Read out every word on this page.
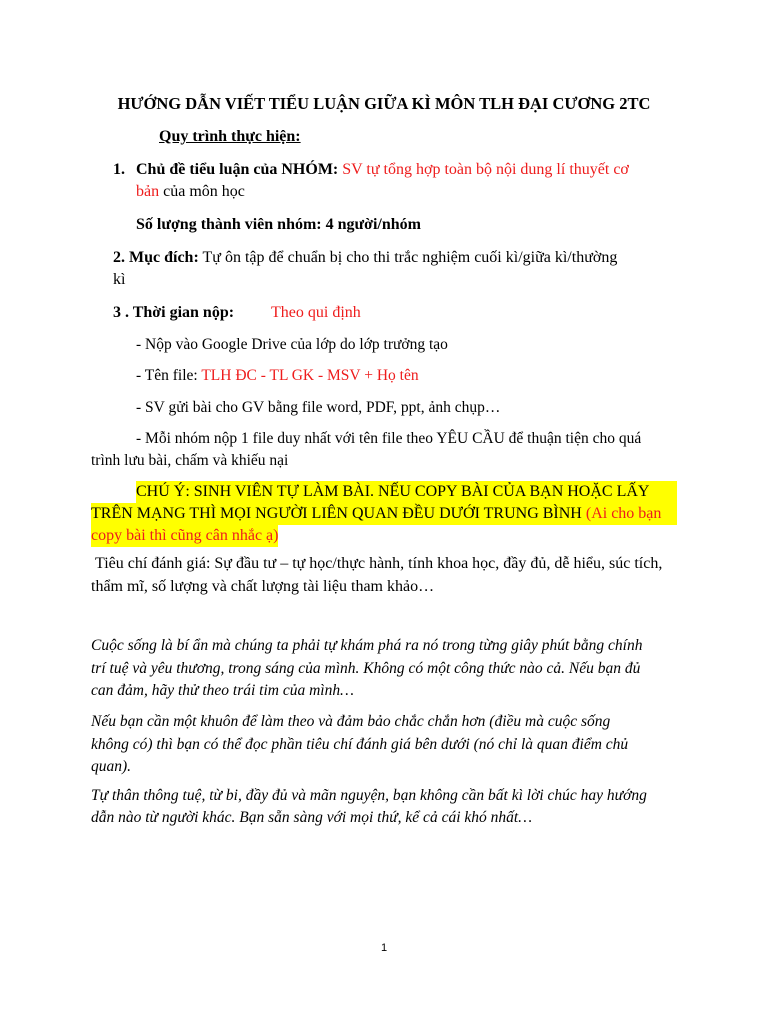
HƯỚNG DẪN VIẾT TIỂU LUẬN GIỮA KÌ MÔN TLH ĐẠI CƯƠNG 2TC
Quy trình thực hiện:
1. Chủ đề tiểu luận của NHÓM: SV tự tổng hợp toàn bộ nội dung lí thuyết cơ
bản của môn học
Số lượng thành viên nhóm: 4 người/nhóm
2. Mục đích: Tự ôn tập để chuẩn bị cho thi trắc nghiệm cuối kì/giữa kì/thường
kì
3 . Thời gian nộp: Theo qui định
- Nộp vào Google Drive của lớp do lớp trưởng tạo
- Tên file: TLH ĐC - TL GK - MSV + Họ tên
- SV gửi bài cho GV bằng file word, PDF, ppt, ảnh chụp…
- Mỗi nhóm nộp 1 file duy nhất với tên file theo YÊU CẦU để thuận tiện cho quá
trình lưu bài, chấm và khiếu nại
CHÚ Ý: SINH VIÊN TỰ LÀM BÀI. NẾU COPY BÀI CỦA BẠN HOẶC LẤY
TRÊN MẠNG THÌ MỌI NGƯỜI LIÊN QUAN ĐỀU DƯỚI TRUNG BÌNH (Ai cho bạn
copy bài thì cũng cân nhắc ạ)
Tiêu chí đánh giá: Sự đầu tư – tự học/thực hành, tính khoa học, đầy đủ, dễ hiểu, súc tích,
thẩm mĩ, số lượng và chất lượng tài liệu tham khảo…
Cuộc sống là bí ẩn mà chúng ta phải tự khám phá ra nó trong từng giây phút bằng chính
trí tuệ và yêu thương, trong sáng của mình. Không có một công thức nào cả. Nếu bạn đủ
can đảm, hãy thử theo trái tim của mình…
Nếu bạn cần một khuôn để làm theo và đảm bảo chắc chắn hơn (điều mà cuộc sống
không có) thì bạn có thể đọc phần tiêu chí đánh giá bên dưới (nó chỉ là quan điểm chủ
quan).
Tự thân thông tuệ, từ bi, đầy đủ và mãn nguyện, bạn không cần bất kì lời chúc hay hướng
dẫn nào từ người khác. Bạn sẵn sàng với mọi thứ, kể cả cái khó nhất…
1
